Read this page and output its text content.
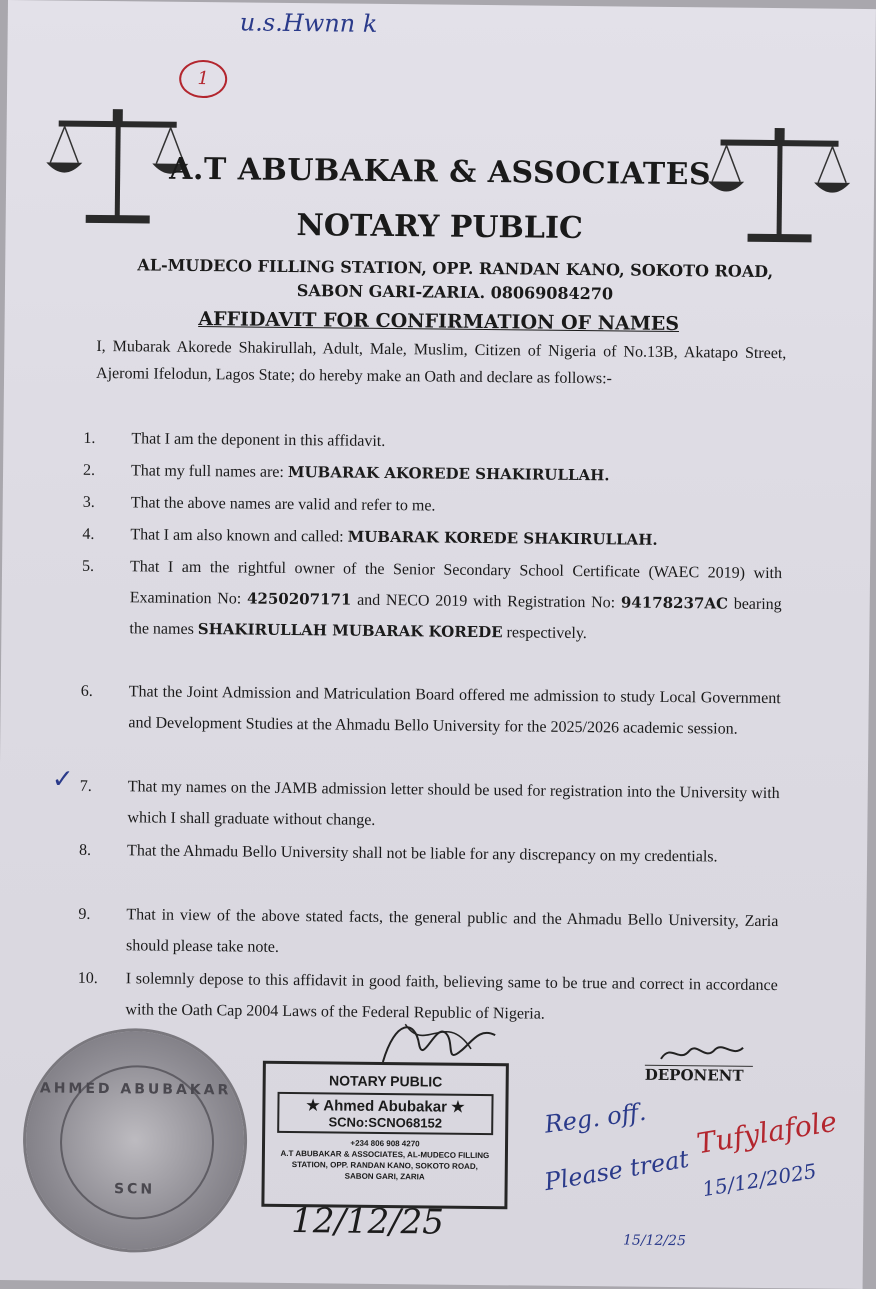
u.s.Hwnn k
1
A.T ABUBAKAR & ASSOCIATES
NOTARY PUBLIC
AL-MUDECO FILLING STATION, OPP. RANDAN KANO, SOKOTO ROAD, SABON GARI-ZARIA. 08069084270
AFFIDAVIT FOR CONFIRMATION OF NAMES
I, Mubarak Akorede Shakirullah, Adult, Male, Muslim, Citizen of Nigeria of No.13B, Akatapo Street, Ajeromi Ifelodun, Lagos State; do hereby make an Oath and declare as follows:-
1.	That I am the deponent in this affidavit.
2.	That my full names are: MUBARAK AKOREDE SHAKIRULLAH.
3.	That the above names are valid and refer to me.
4.	That I am also known and called: MUBARAK KOREDE SHAKIRULLAH.
5.	That I am the rightful owner of the Senior Secondary School Certificate (WAEC 2019) with Examination No: 4250207171 and NECO 2019 with Registration No: 94178237AC bearing the names SHAKIRULLAH MUBARAK KOREDE respectively.
6.	That the Joint Admission and Matriculation Board offered me admission to study Local Government and Development Studies at the Ahmadu Bello University for the 2025/2026 academic session.
✓ 7.	That my names on the JAMB admission letter should be used for registration into the University with which I shall graduate without change.
8.	That the Ahmadu Bello University shall not be liable for any discrepancy on my credentials.
9.	That in view of the above stated facts, the general public and the Ahmadu Bello University, Zaria should please take note.
10.	I solemnly depose to this affidavit in good faith, believing same to be true and correct in accordance with the Oath Cap 2004 Laws of the Federal Republic of Nigeria.
AHMED ABUBAKAR
SCN
NOTARY PUBLIC
★ Ahmed Abubakar ★
SCNo:SCNO68152
+234 806 908 4270
A.T ABUBAKAR & ASSOCIATES, AL-MUDECO FILLING STATION, OPP. RANDAN KANO, SOKOTO ROAD, SABON GARI, ZARIA
12/12/25
DEPONENT
Reg. off.
Please treat
15/12/25
Tufylafole
15/12/2025
